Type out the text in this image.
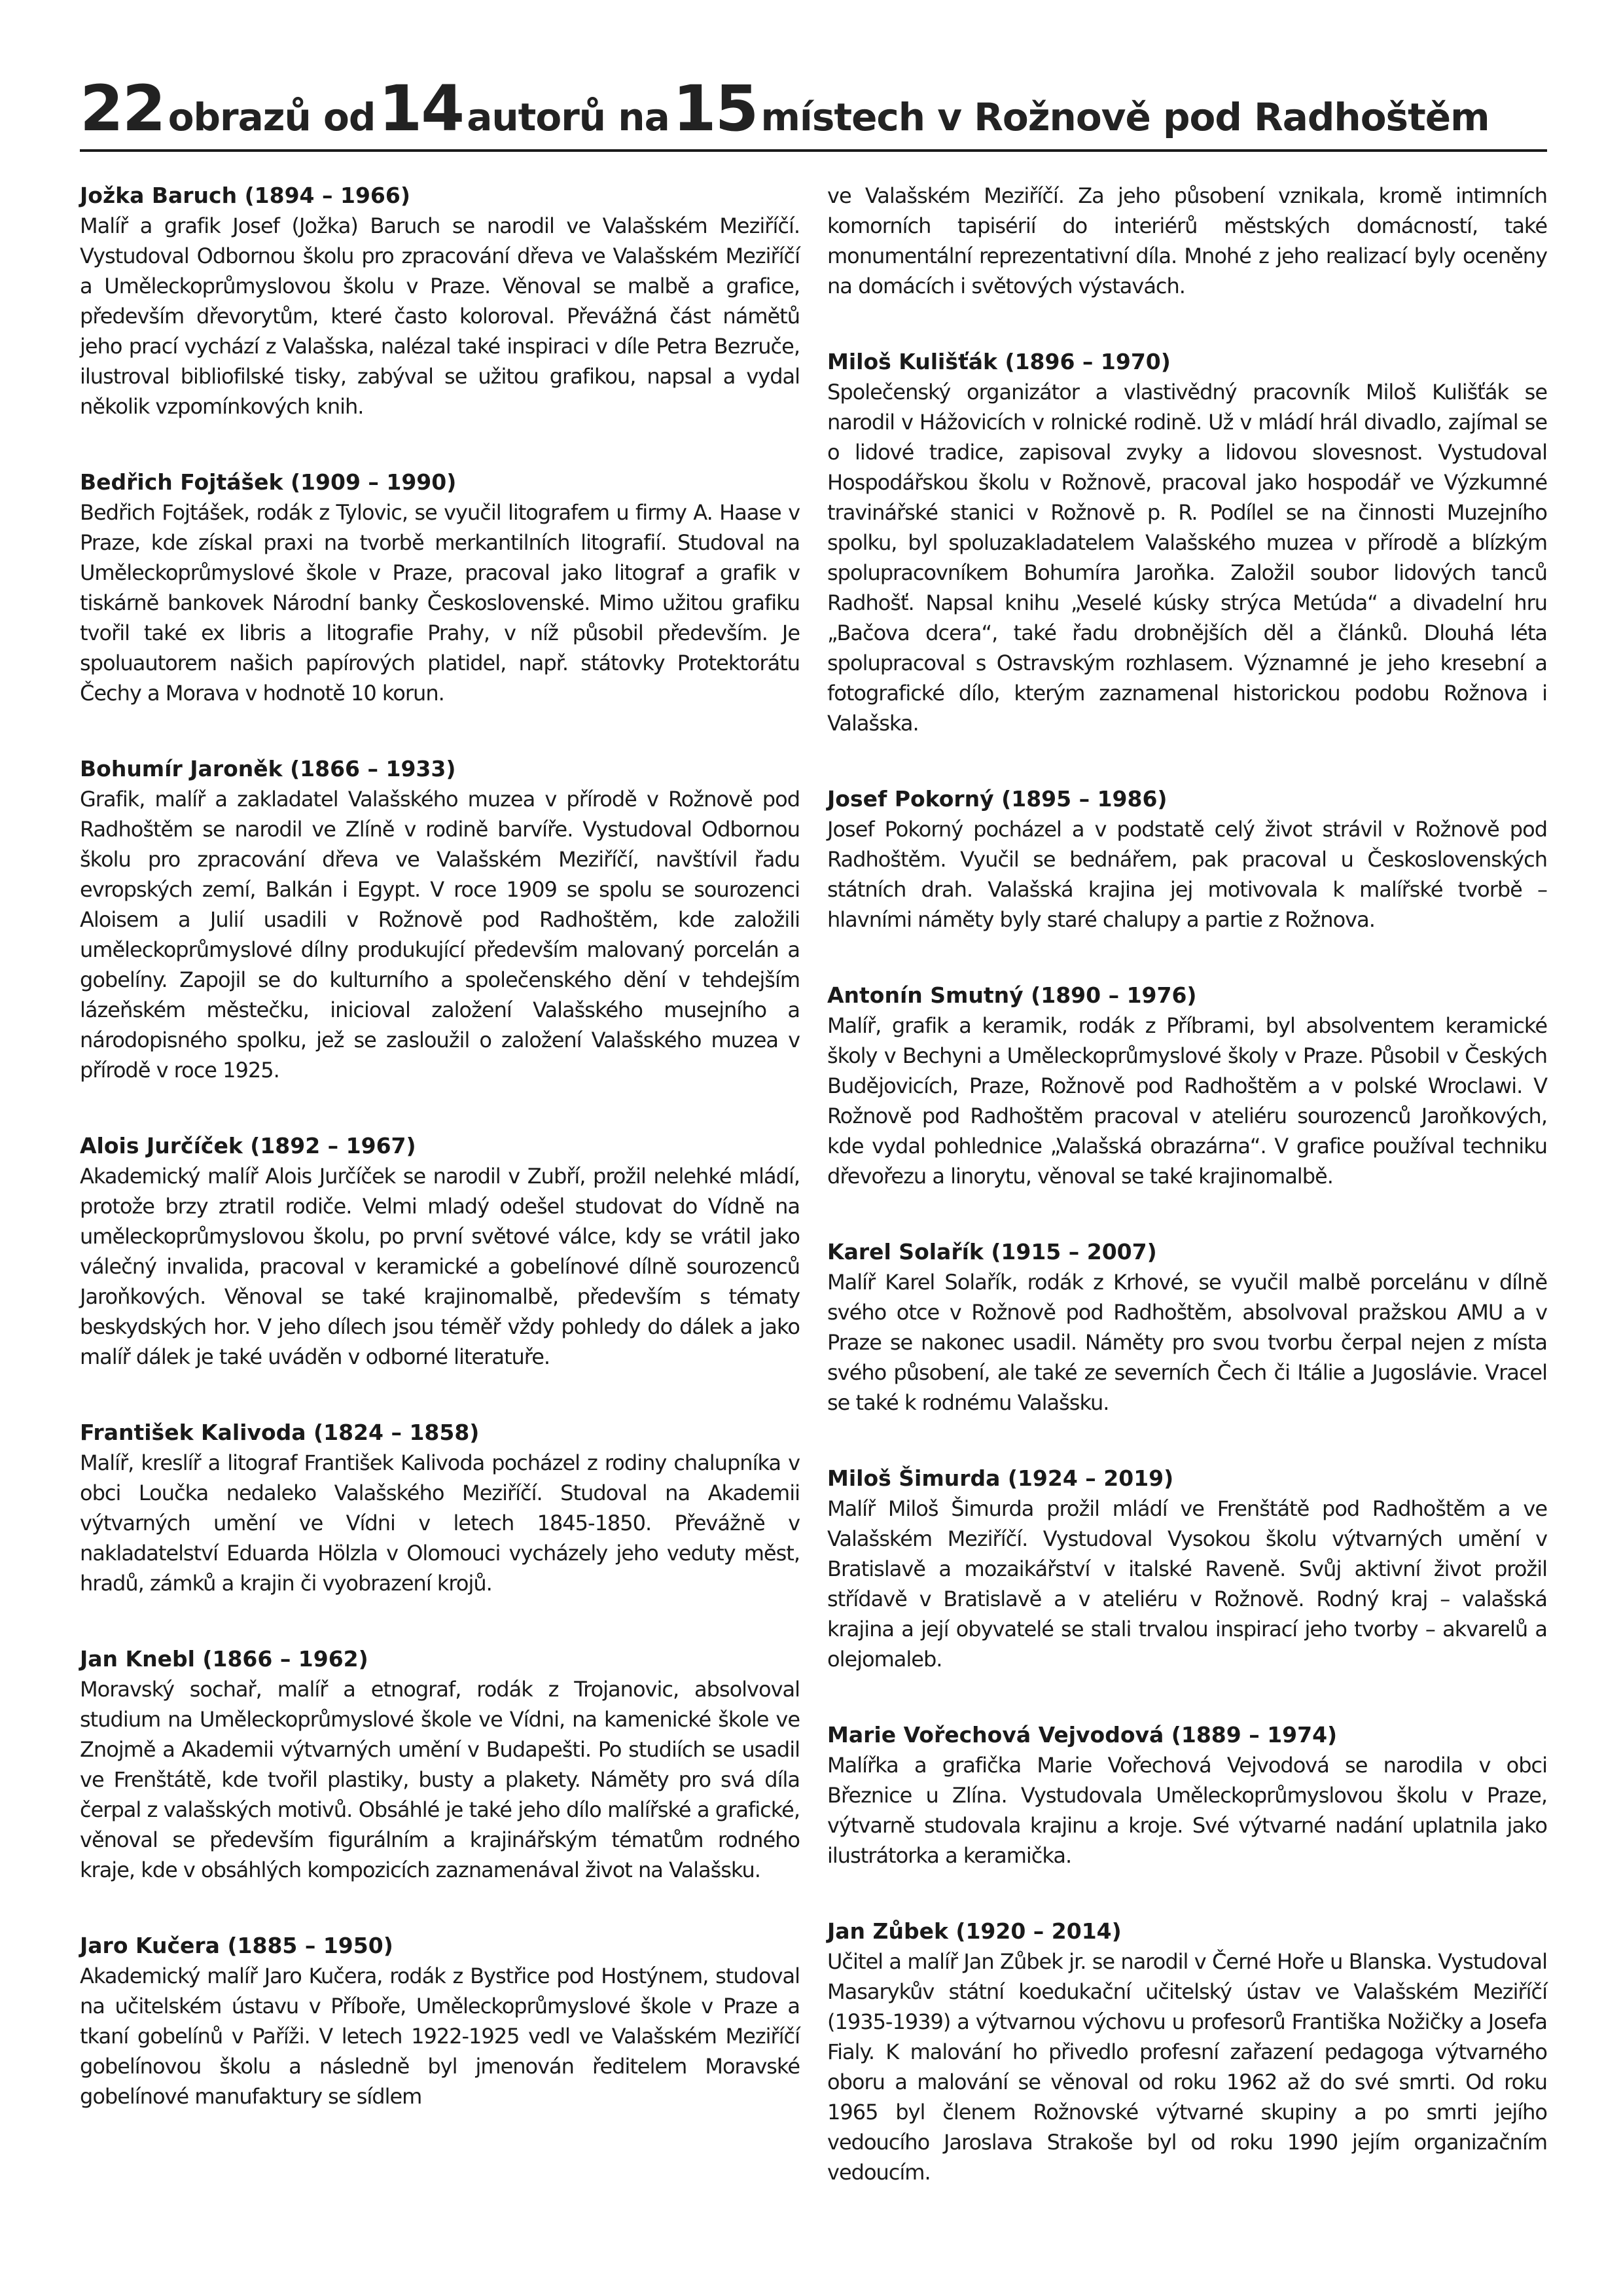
22 obrazů od 14 autorů na 15 místech v Rožnově pod Radhoštěm
Jožka Baruch (1894 – 1966)

Malíř a grafik Josef (Jožka) Baruch se narodil ve Valašském Meziříčí. Vystudoval Odbornou školu pro zpracování dřeva ve Valašském Meziříčí a Uměleckoprůmyslovou školu v Praze. Věnoval se malbě a grafice, především dřevorytům, které často koloroval. Převážná část námětů jeho prací vychází z Valašska, nalézal také inspiraci v díle Petra Bezruče, ilustroval bibliofilské tisky, zabýval se užitou grafikou, napsal a vydal několik vzpomínkových knih.

Bedřich Fojtášek (1909 – 1990)

Bedřich Fojtášek, rodák z Tylovic, se vyučil litografem u firmy A. Haase v Praze, kde získal praxi na tvorbě merkantilních litografií. Studoval na Uměleckoprůmyslové škole v Praze, pracoval jako litograf a grafik v tiskárně bankovek Národní banky Československé. Mimo užitou grafiku tvořil také ex libris a litografie Prahy, v níž působil především. Je spoluautorem našich papírových platidel, např. státovky Protektorátu Čechy a Morava v hodnotě 10 korun.

Bohumír Jaroněk (1866 – 1933)

Grafik, malíř a zakladatel Valašského muzea v přírodě v Rožnově pod Radhoštěm se narodil ve Zlíně v rodině barvíře. Vystudoval Odbornou školu pro zpracování dřeva ve Valašském Meziříčí, navštívil řadu evropských zemí, Balkán i Egypt. V roce 1909 se spolu se sourozenci Aloisem a Julií usadili v Rožnově pod Radhoštěm, kde založili uměleckoprůmyslové dílny produkující především malovaný porcelán a gobelíny. Zapojil se do kulturního a společenského dění v tehdejším lázeňském městečku, inicioval založení Valašského musejního a národopisného spolku, jež se zasloužil o založení Valašského muzea v přírodě v roce 1925.

Alois Jurčíček (1892 – 1967)

Akademický malíř Alois Jurčíček se narodil v Zubří, prožil nelehké mládí, protože brzy ztratil rodiče. Velmi mladý odešel studovat do Vídně na uměleckoprůmyslovou školu, po první světové válce, kdy se vrátil jako válečný invalida, pracoval v keramické a gobelínové dílně sourozenců Jaroňkových. Věnoval se také krajinomalbě, především s tématy beskydských hor. V jeho dílech jsou téměř vždy pohledy do dálek a jako malíř dálek je také uváděn v odborné literatuře.

František Kalivoda (1824 – 1858)

Malíř, kreslíř a litograf František Kalivoda pocházel z rodiny chalupníka v obci Loučka nedaleko Valašského Meziříčí. Studoval na Akademii výtvarných umění ve Vídni v letech 1845-1850. Převážně v nakladatelství Eduarda Hölzla v Olomouci vycházely jeho veduty měst, hradů, zámků a krajin či vyobrazení krojů.

Jan Knebl (1866 – 1962)

Moravský sochař, malíř a etnograf, rodák z Trojanovic, absolvoval studium na Uměleckoprůmyslové škole ve Vídni, na kamenické škole ve Znojmě a Akademii výtvarných umění v Budapešti. Po studiích se usadil ve Frenštátě, kde tvořil plastiky, busty a plakety. Náměty pro svá díla čerpal z valašských motivů. Obsáhlé je také jeho dílo malířské a grafické, věnoval se především figurálním a krajinářským tématům rodného kraje, kde v obsáhlých kompozicích zaznamenával život na Valašsku.

Jaro Kučera (1885 – 1950)

Akademický malíř Jaro Kučera, rodák z Bystřice pod Hostýnem, studoval na učitelském ústavu v Příboře, Uměleckoprůmyslové škole v Praze a tkaní gobelínů v Paříži. V letech 1922-1925 vedl ve Valašském Meziříčí gobelínovou školu a následně byl jmenován ředitelem Moravské gobelínové manufaktury se sídlem

ve Valašském Meziříčí. Za jeho působení vznikala, kromě intimních komorních tapisérií do interiérů městských domácností, také monumentální reprezentativní díla. Mnohé z jeho realizací byly oceněny na domácích i světových výstavách.

Miloš Kulišťák (1896 – 1970)

Společenský organizátor a vlastivědný pracovník Miloš Kulišťák se narodil v Hážovicích v rolnické rodině. Už v mládí hrál divadlo, zajímal se o lidové tradice, zapisoval zvyky a lidovou slovesnost. Vystudoval Hospodářskou školu v Rožnově, pracoval jako hospodář ve Výzkumné travinářské stanici v Rožnově p. R. Podílel se na činnosti Muzejního spolku, byl spoluzakladatelem Valašského muzea v přírodě a blízkým spolupracovníkem Bohumíra Jaroňka. Založil soubor lidových tanců Radhošť. Napsal knihu „Veselé kúsky strýca Metúda“ a divadelní hru „Bačova dcera“, také řadu drobnějších děl a článků. Dlouhá léta spolupracoval s Ostravským rozhlasem. Významné je jeho kresební a fotografické dílo, kterým zaznamenal historickou podobu Rožnova i Valašska.

Josef Pokorný (1895 – 1986)

Josef Pokorný pocházel a v podstatě celý život strávil v Rožnově pod Radhoštěm. Vyučil se bednářem, pak pracoval u Československých státních drah. Valašská krajina jej motivovala k malířské tvorbě – hlavními náměty byly staré chalupy a partie z Rožnova.

Antonín Smutný (1890 – 1976)

Malíř, grafik a keramik, rodák z Příbrami, byl absolventem keramické školy v Bechyni a Uměleckoprůmyslové školy v Praze. Působil v Českých Budějovicích, Praze, Rožnově pod Radhoštěm a v polské Wroclawi. V Rožnově pod Radhoštěm pracoval v ateliéru sourozenců Jaroňkových, kde vydal pohlednice „Valašská obrazárna“. V grafice používal techniku dřevořezu a linorytu, věnoval se také krajinomalbě.

Karel Solařík (1915 – 2007)

Malíř Karel Solařík, rodák z Krhové, se vyučil malbě porcelánu v dílně svého otce v Rožnově pod Radhoštěm, absolvoval pražskou AMU a v Praze se nakonec usadil. Náměty pro svou tvorbu čerpal nejen z místa svého působení, ale také ze severních Čech či Itálie a Jugoslávie. Vracel se také k rodnému Valašsku.

Miloš Šimurda (1924 – 2019)

Malíř Miloš Šimurda prožil mládí ve Frenštátě pod Radhoštěm a ve Valašském Meziříčí. Vystudoval Vysokou školu výtvarných umění v Bratislavě a mozaikářství v italské Raveně. Svůj aktivní život prožil střídavě v Bratislavě a v ateliéru v Rožnově. Rodný kraj – valašská krajina a její obyvatelé se stali trvalou inspirací jeho tvorby – akvarelů a olejomaleb.

Marie Vořechová Vejvodová (1889 – 1974)

Malířka a grafička Marie Vořechová Vejvodová se narodila v obci Březnice u Zlína. Vystudovala Uměleckoprůmyslovou školu v Praze, výtvarně studovala krajinu a kroje. Své výtvarné nadání uplatnila jako ilustrátorka a keramička.

Jan Zůbek (1920 – 2014)

Učitel a malíř Jan Zůbek jr. se narodil v Černé Hoře u Blanska. Vystudoval Masarykův státní koedukační učitelský ústav ve Valašském Meziříčí (1935-1939) a výtvarnou výchovu u profesorů Františka Nožičky a Josefa Fialy. K malování ho přivedlo profesní zařazení pedagoga výtvarného oboru a malování se věnoval od roku 1962 až do své smrti. Od roku 1965 byl členem Rožnovské výtvarné skupiny a po smrti jejího vedoucího Jaroslava Strakoše byl od roku 1990 jejím organizačním vedoucím.
